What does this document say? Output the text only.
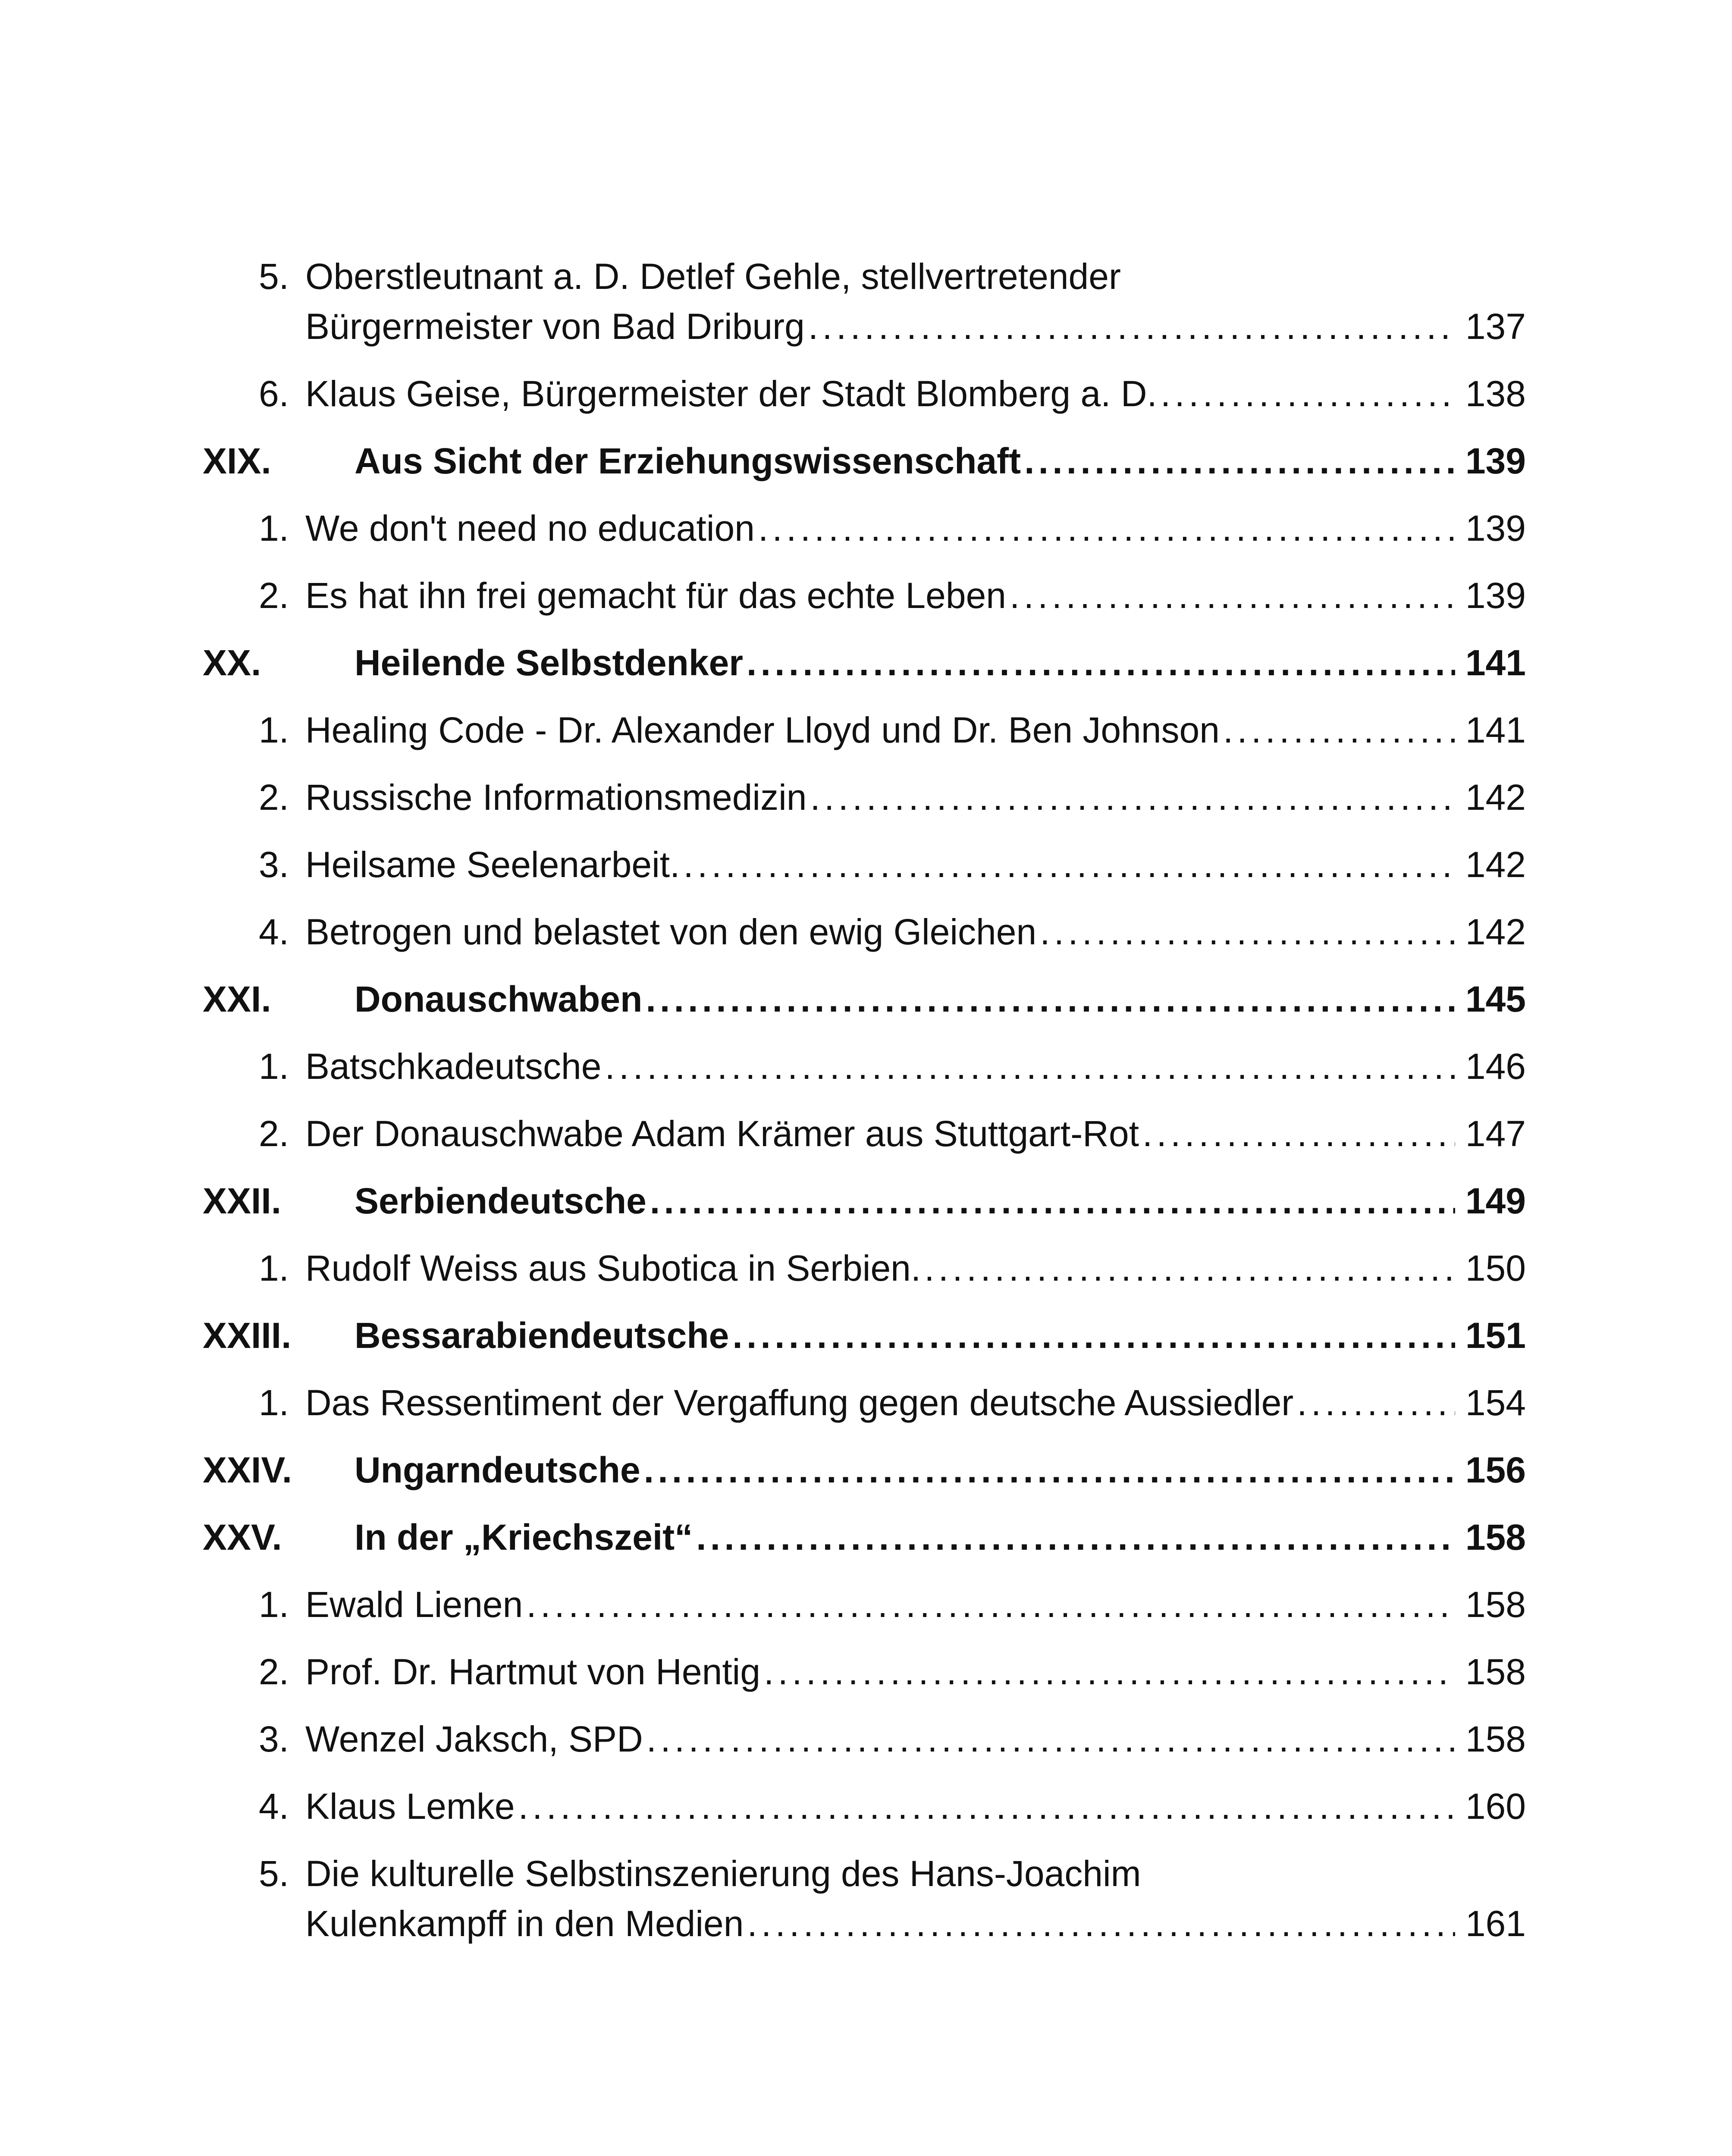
5. Oberstleutnant a. D. Detlef Gehle, stellvertretender
Bürgermeister von Bad Driburg .....	137
6. Klaus Geise, Bürgermeister der Stadt Blomberg a. D. .....	138
XIX. Aus Sicht der Erziehungswissenschaft .....	139
1. We don't need no education .....	139
2. Es hat ihn frei gemacht für das echte Leben .....	139
XX.	Heilende Selbstdenker .....	141
1. Healing Code - Dr. Alexander Lloyd und Dr. Ben Johnson .....	141
2. Russische Informationsmedizin .....	142
3. Heilsame Seelenarbeit. .....	142
4. Betrogen und belastet von den ewig Gleichen .....	142
XXI. Donauschwaben .....	145
1. Batschkadeutsche .....	146
2. Der Donauschwabe Adam Krämer aus Stuttgart-Rot .....	147
XXII. Serbiendeutsche .....	149
1. Rudolf Weiss aus Subotica in Serbien. .....	150
XXIII. Bessarabiendeutsche .....	151
1. Das Ressentiment der Vergaffung gegen deutsche Aussiedler .....	154
XXIV. Ungarndeutsche .....	156
XXV. In der „Kriechszeit“ .....	158
1. Ewald Lienen .....	158
2. Prof. Dr. Hartmut von Hentig .....	158
3. Wenzel Jaksch, SPD .....	158
4. Klaus Lemke .....	160
5. Die kulturelle Selbstinszenierung des Hans-Joachim
Kulenkampff in den Medien .....	161
